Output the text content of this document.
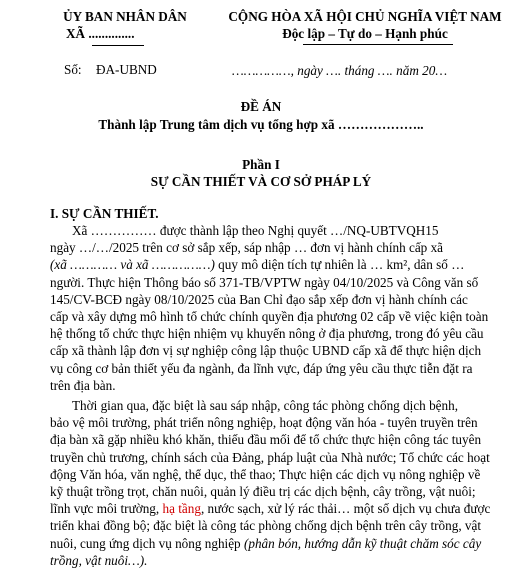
ỦY BAN NHÂN DÂN
XÃ ..............
Số: ĐA-UBND
CỘNG HÒA XÃ HỘI CHỦ NGHĨA VIỆT NAM
Độc lập – Tự do – Hạnh phúc
……………, ngày …. tháng …. năm 20…
ĐỀ ÁN
Thành lập Trung tâm dịch vụ tổng hợp xã ………………..
Phần I
SỰ CẦN THIẾT VÀ CƠ SỞ PHÁP LÝ
I. SỰ CẦN THIẾT.
Xã …………… được thành lập theo Nghị quyết …/NQ-UBTVQH15
ngày …/…/2025 trên cơ sở sắp xếp, sáp nhập … đơn vị hành chính cấp xã
(xã ………… và xã ……………) quy mô diện tích tự nhiên là … km², dân số …
người. Thực hiện Thông báo số 371-TB/VPTW ngày 04/10/2025 và Công văn số
145/CV-BCĐ ngày 08/10/2025 của Ban Chỉ đạo sắp xếp đơn vị hành chính các
cấp và xây dựng mô hình tổ chức chính quyền địa phương 02 cấp về việc kiện toàn
hệ thống tổ chức thực hiện nhiệm vụ khuyến nông ở địa phương, trong đó yêu cầu
cấp xã thành lập đơn vị sự nghiệp công lập thuộc UBND cấp xã để thực hiện dịch
vụ công cơ bản thiết yếu đa ngành, đa lĩnh vực, đáp ứng yêu cầu thực tiễn đặt ra
trên địa bàn.
Thời gian qua, đặc biệt là sau sáp nhập, công tác phòng chống dịch bệnh,
bảo vệ môi trường, phát triển nông nghiệp, hoạt động văn hóa - tuyên truyền trên
địa bàn xã gặp nhiều khó khăn, thiếu đầu mối để tổ chức thực hiện công tác tuyên
truyền chủ trương, chính sách của Đảng, pháp luật của Nhà nước; Tổ chức các hoạt
động Văn hóa, văn nghệ, thể dục, thể thao; Thực hiện các dịch vụ nông nghiệp về
kỹ thuật trồng trọt, chăn nuôi, quản lý điều trị các dịch bệnh, cây trồng, vật nuôi;
lĩnh vực môi trường, hạ tầng, nước sạch, xử lý rác thải… một số dịch vụ chưa được
triển khai đồng bộ; đặc biệt là công tác phòng chống dịch bệnh trên cây trồng, vật
nuôi, cung ứng dịch vụ nông nghiệp (phân bón, hướng dẫn kỹ thuật chăm sóc cây
trồng, vật nuôi…).
